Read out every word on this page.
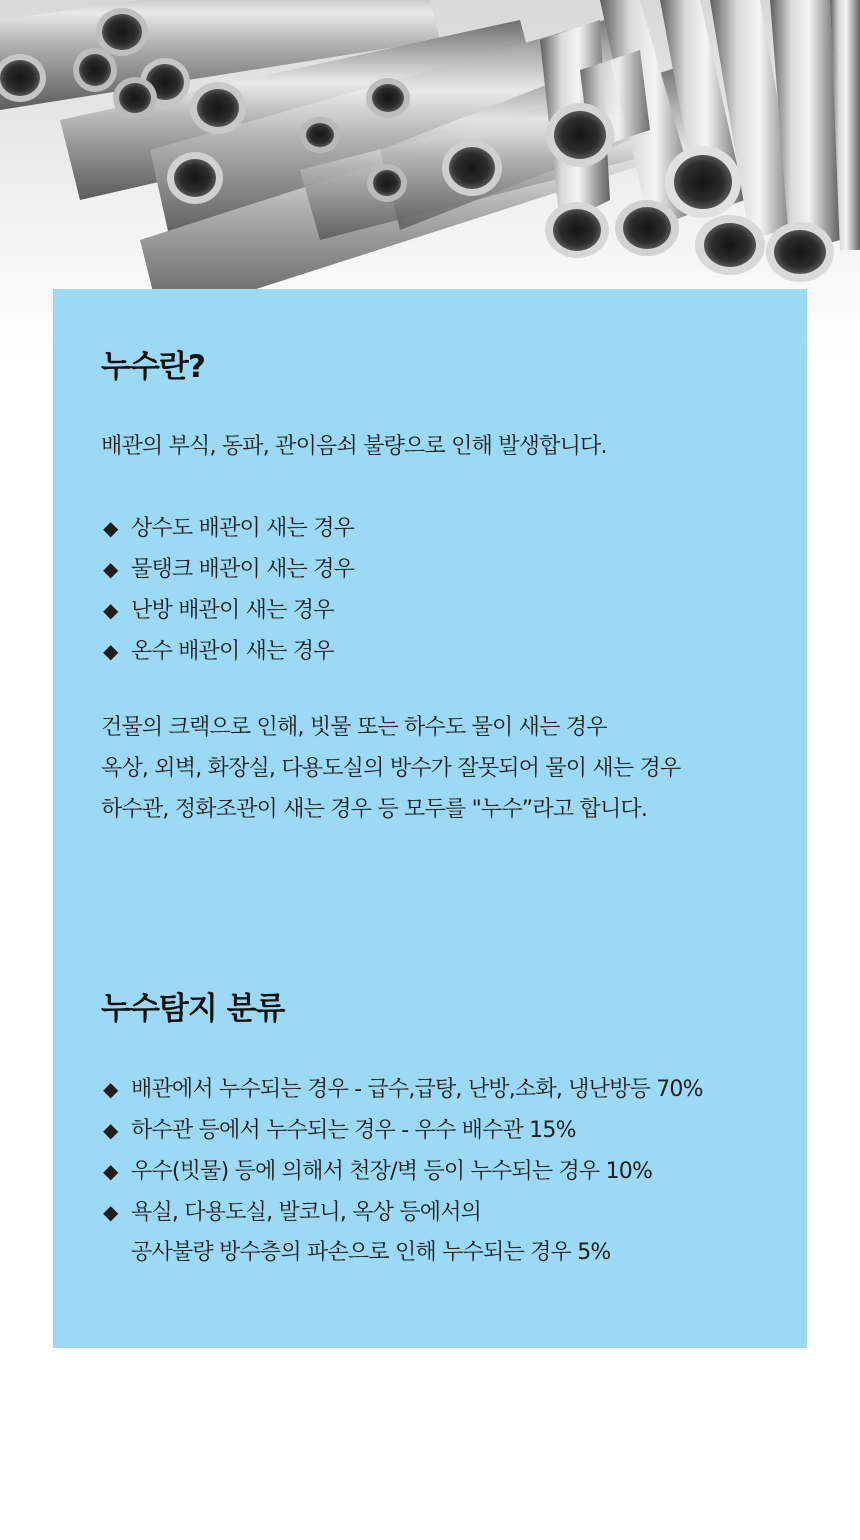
누수란?

배관의 부식, 동파, 관이음쇠 불량으로 인해 발생합니다.

◆ 상수도 배관이 새는 경우
◆ 물탱크 배관이 새는 경우
◆ 난방 배관이 새는 경우
◆ 온수 배관이 새는 경우
건물의 크랙으로 인해, 빗물 또는 하수도 물이 새는 경우
옥상, 외벽, 화장실, 다용도실의 방수가 잘못되어 물이 새는 경우
하수관, 정화조관이 새는 경우 등 모두를 "누수”라고 합니다.
누수탐지 분류
◆ 배관에서 누수되는 경우 - 급수,급탕, 난방,소화, 냉난방등 70%
◆ 하수관 등에서 누수되는 경우 - 우수 배수관 15%
◆ 우수(빗물) 등에 의해서 천장/벽 등이 누수되는 경우 10%
◆ 욕실, 다용도실, 발코니, 옥상 등에서의
공사불량 방수층의 파손으로 인해 누수되는 경우 5%
